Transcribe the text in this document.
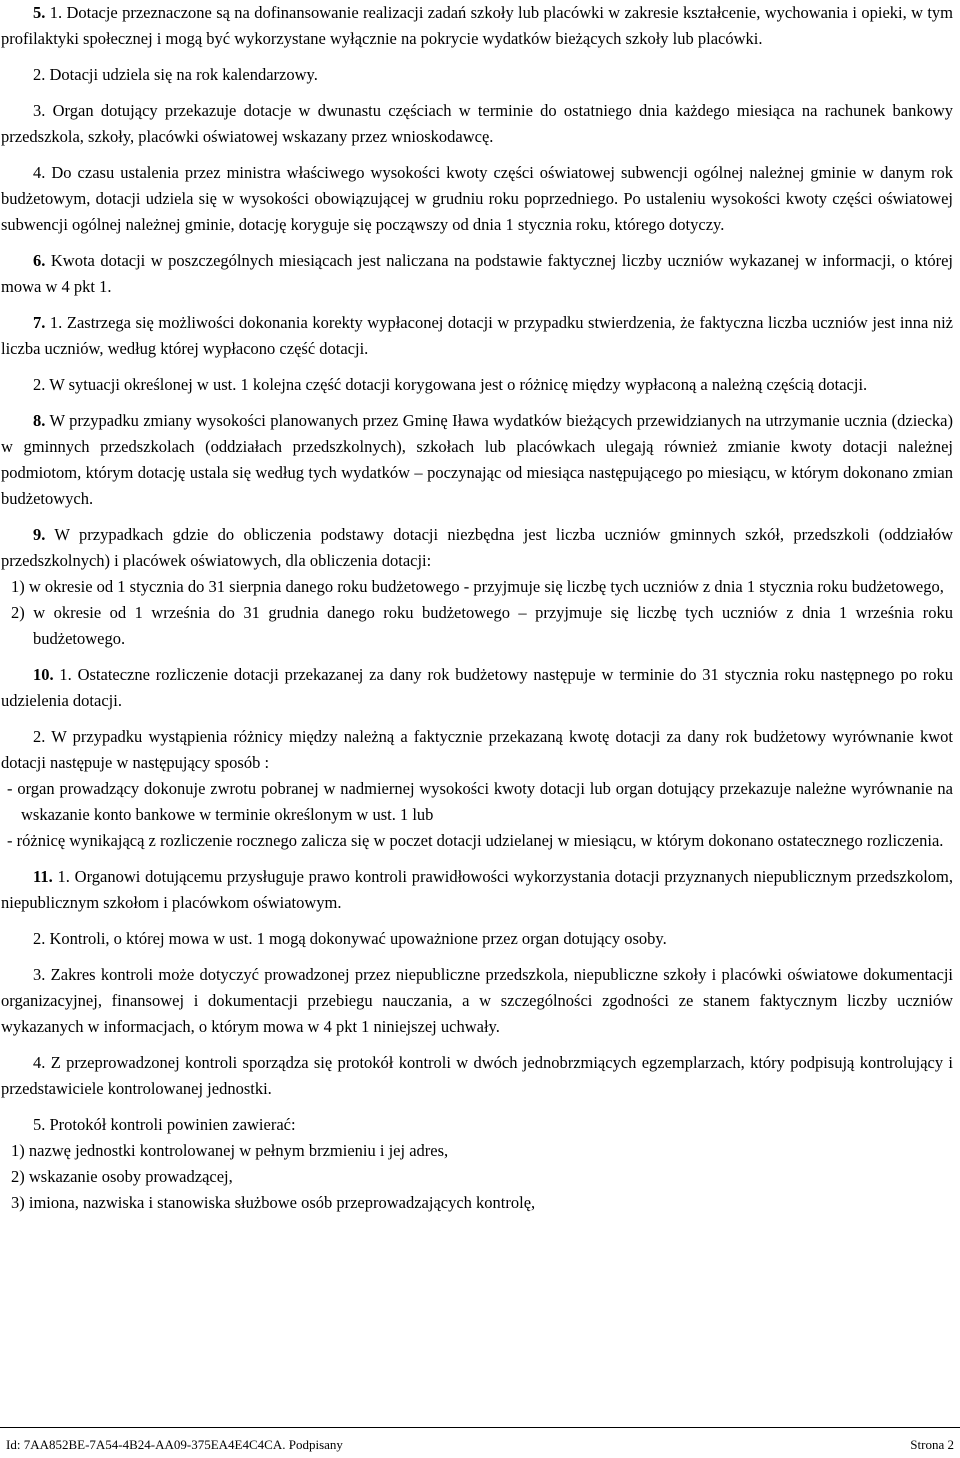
5. 1. Dotacje przeznaczone są na dofinansowanie realizacji zadań szkoły lub placówki w zakresie kształcenie, wychowania i opieki, w tym profilaktyki społecznej i mogą być wykorzystane wyłącznie na pokrycie wydatków bieżących szkoły lub placówki.

2. Dotacji udziela się na rok kalendarzowy.

3. Organ dotujący przekazuje dotacje w dwunastu częściach w terminie do ostatniego dnia każdego miesiąca na rachunek bankowy przedszkola, szkoły, placówki oświatowej wskazany przez wnioskodawcę.

4. Do czasu ustalenia przez ministra właściwego wysokości kwoty części oświatowej subwencji ogólnej należnej gminie w danym rok budżetowym, dotacji udziela się w wysokości obowiązującej w grudniu roku poprzedniego. Po ustaleniu wysokości kwoty części oświatowej subwencji ogólnej należnej gminie, dotację koryguje się począwszy od dnia 1 stycznia roku, którego dotyczy.

6. Kwota dotacji w poszczególnych miesiącach jest naliczana na podstawie faktycznej liczby uczniów wykazanej w informacji, o której mowa w 4 pkt 1.

7. 1. Zastrzega się możliwości dokonania korekty wypłaconej dotacji w przypadku stwierdzenia, że faktyczna liczba uczniów jest inna niż liczba uczniów, według której wypłacono część dotacji.

2. W sytuacji określonej w ust. 1 kolejna część dotacji korygowana jest o różnicę między wypłaconą a należną częścią dotacji.

8. W przypadku zmiany wysokości planowanych przez Gminę Iława wydatków bieżących przewidzianych na utrzymanie ucznia (dziecka) w gminnych przedszkolach (oddziałach przedszkolnych), szkołach lub placówkach ulegają również zmianie kwoty dotacji należnej podmiotom, którym dotację ustala się według tych wydatków – poczynając od miesiąca następującego po miesiącu, w którym dokonano zmian budżetowych.

9. W przypadkach gdzie do obliczenia podstawy dotacji niezbędna jest liczba uczniów gminnych szkół, przedszkoli (oddziałów przedszkolnych) i placówek oświatowych, dla obliczenia dotacji:

1) w okresie od 1 stycznia do 31 sierpnia danego roku budżetowego - przyjmuje się liczbę tych uczniów z dnia 1 stycznia roku budżetowego,

2) w okresie od 1 września do 31 grudnia danego roku budżetowego – przyjmuje się liczbę tych uczniów z dnia 1 września roku budżetowego.

10. 1. Ostateczne rozliczenie dotacji przekazanej za dany rok budżetowy następuje w terminie do 31 stycznia roku następnego po roku udzielenia dotacji.

2. W przypadku wystąpienia różnicy między należną a faktycznie przekazaną kwotę dotacji za dany rok budżetowy wyrównanie kwot dotacji następuje w następujący sposób :

- organ prowadzący dokonuje zwrotu pobranej w nadmiernej wysokości kwoty dotacji lub organ dotujący przekazuje należne wyrównanie na wskazanie konto bankowe w terminie określonym w ust. 1 lub

- różnicę wynikającą z rozliczenie rocznego zalicza się w poczet dotacji udzielanej w miesiącu, w którym dokonano ostatecznego rozliczenia.

11. 1. Organowi dotującemu przysługuje prawo kontroli prawidłowości wykorzystania dotacji przyznanych niepublicznym przedszkolom, niepublicznym szkołom i placówkom oświatowym.

2. Kontroli, o której mowa w ust. 1 mogą dokonywać upoważnione przez organ dotujący osoby.

3. Zakres kontroli może dotyczyć prowadzonej przez niepubliczne przedszkola, niepubliczne szkoły i placówki oświatowe dokumentacji organizacyjnej, finansowej i dokumentacji przebiegu nauczania, a w szczególności zgodności ze stanem faktycznym liczby uczniów wykazanych w informacjach, o którym mowa w 4 pkt 1 niniejszej uchwały.

4. Z przeprowadzonej kontroli sporządza się protokół kontroli w dwóch jednobrzmiących egzemplarzach, który podpisują kontrolujący i przedstawiciele kontrolowanej jednostki.

5. Protokół kontroli powinien zawierać:

1) nazwę jednostki kontrolowanej w pełnym brzmieniu i jej adres,

2) wskazanie osoby prowadzącej,

3) imiona, nazwiska i stanowiska służbowe osób przeprowadzających kontrolę,

Id: 7AA852BE-7A54-4B24-AA09-375EA4E4C4CA. Podpisany	Strona 2
